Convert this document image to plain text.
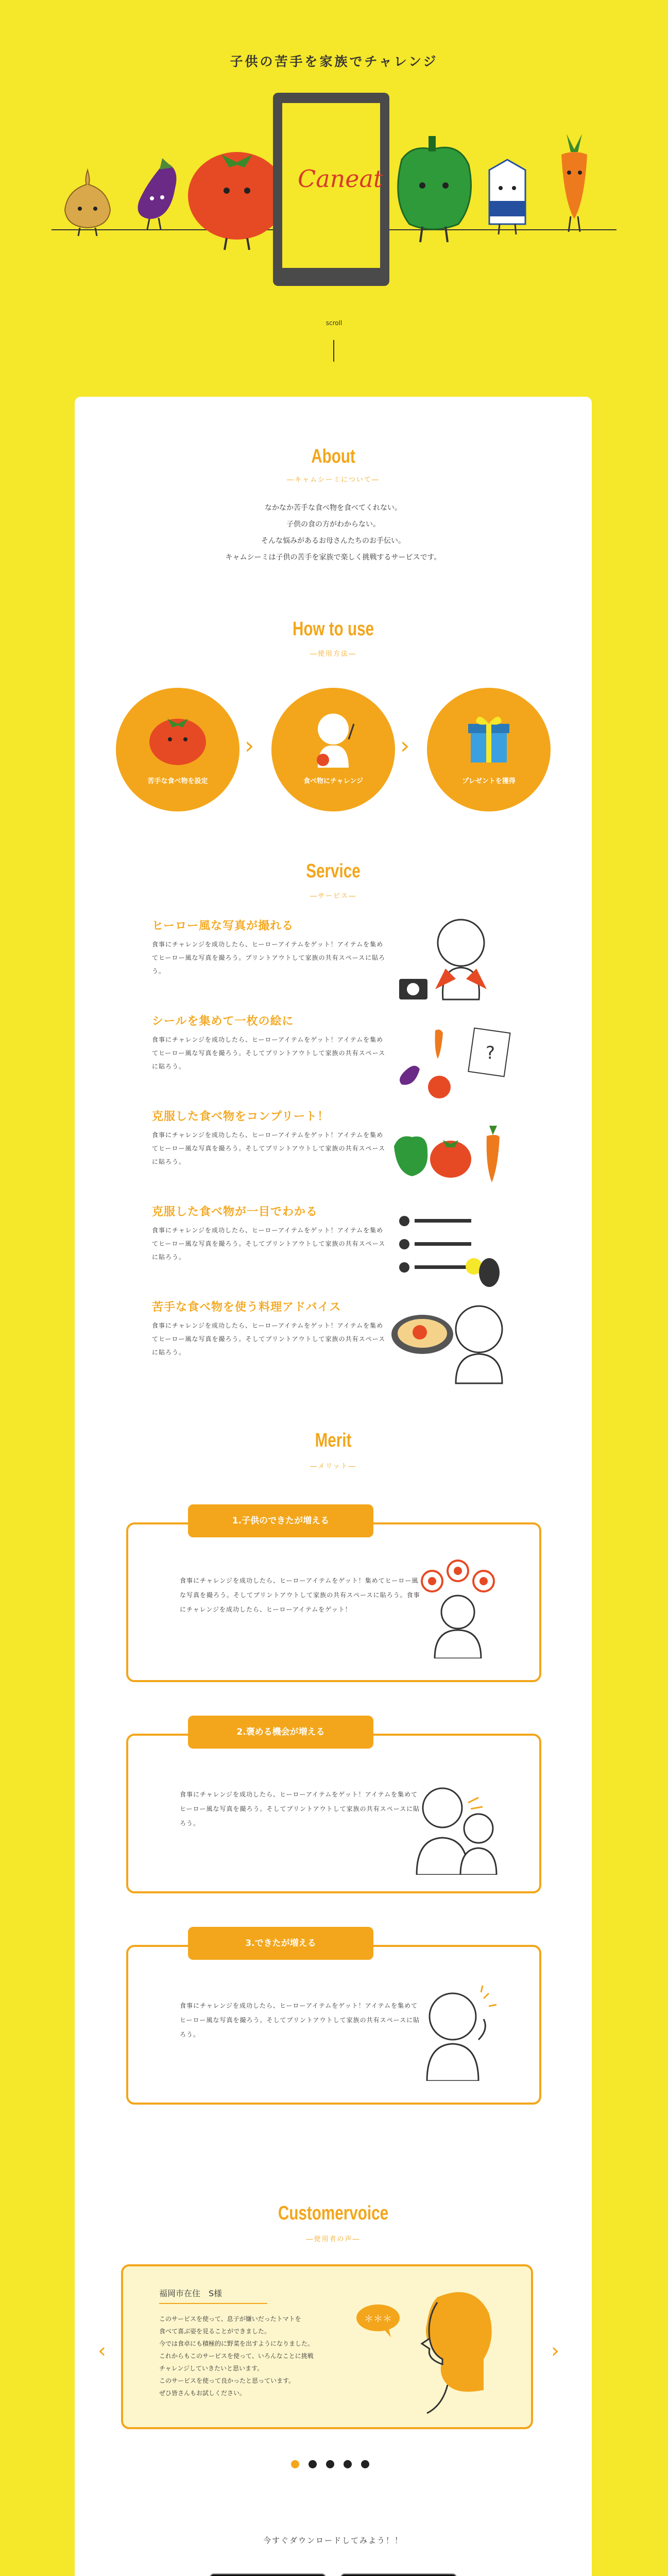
子供の苦手を家族でチャレンジ
Caneat
scroll
About
―キャムシーミについて―
なかなか苦手な食べ物を食べてくれない。
子供の食の方がわからない。
そんな悩みがあるお母さんたちのお手伝い。
キャムシーミは子供の苦手を家族で楽しく挑戦するサービスです。
How to use
―使用方法―
苦手な食べ物を設定
›
食べ物にチャレンジ
›
プレゼントを獲得
Service
―サービス―
ヒーロー風な写真が撮れる
食事にチャレンジを成功したら、ヒーローアイテムをゲット！アイテムを集めてヒーロー風な写真を撮ろう。プリントアウトして家族の共有スペースに貼ろう。
シールを集めて一枚の絵に
食事にチャレンジを成功したら、ヒーローアイテムをゲット！アイテムを集めてヒーロー風な写真を撮ろう。そしてプリントアウトして家族の共有スペースに貼ろう。
?
克服した食べ物をコンプリート！
食事にチャレンジを成功したら、ヒーローアイテムをゲット！アイテムを集めてヒーロー風な写真を撮ろう。そしてプリントアウトして家族の共有スペースに貼ろう。
克服した食べ物が一目でわかる
食事にチャレンジを成功したら、ヒーローアイテムをゲット！アイテムを集めてヒーロー風な写真を撮ろう。そしてプリントアウトして家族の共有スペースに貼ろう。
苦手な食べ物を使う料理アドバイス
食事にチャレンジを成功したら、ヒーローアイテムをゲット！アイテムを集めてヒーロー風な写真を撮ろう。そしてプリントアウトして家族の共有スペースに貼ろう。
Merit
―メリット―
食事にチャレンジを成功したら、ヒーローアイテムをゲット！集めてヒーロー風な写真を撮ろう。そしてプリントアウトして家族の共有スペースに貼ろう。食事にチャレンジを成功したら、ヒーローアイテムをゲット！
1.子供のできたが増える
食事にチャレンジを成功したら、ヒーローアイテムをゲット！アイテムを集めてヒーロー風な写真を撮ろう。そしてプリントアウトして家族の共有スペースに貼ろう。
2.褒める機会が増える
食事にチャレンジを成功したら、ヒーローアイテムをゲット！アイテムを集めてヒーロー風な写真を撮ろう。そしてプリントアウトして家族の共有スペースに貼ろう。
3.できたが増える
Customervoice
―使用者の声―
‹
福岡市在住　S様
このサービスを使って、息子が嫌いだったトマトを
食べて喜ぶ姿を見ることができました。
今では食卓にも積極的に野菜を出すようになりました。
これからもこのサービスを使って、いろんなことに挑戦
チャレンジしていきたいと思います。
このサービスを使って良かったと思っています。
ぜひ皆さんもお試しください。
＊＊＊
›
今すぐダウンロードしてみよう！！
